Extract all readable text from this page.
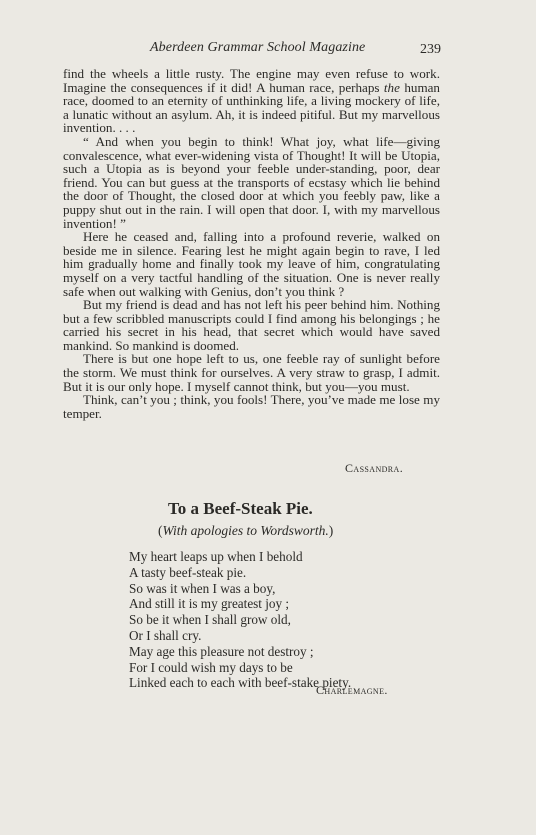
Aberdeen Grammar School Magazine	239

find the wheels a little rusty. The engine may even refuse to work. Imagine the consequences if it did! A human race, perhaps the human race, doomed to an eternity of unthinking life, a living mockery of life, a lunatic without an asylum. Ah, it is indeed pitiful. But my marvellous invention. . . .

“ And when you begin to think! What joy, what life—giving convalescence, what ever-widening vista of Thought! It will be Utopia, such a Utopia as is beyond your feeble under-standing, poor, dear friend. You can but guess at the transports of ecstasy which lie behind the door of Thought, the closed door at which you feebly paw, like a puppy shut out in the rain. I will open that door. I, with my marvellous invention! ”

Here he ceased and, falling into a profound reverie, walked on beside me in silence. Fearing lest he might again begin to rave, I led him gradually home and finally took my leave of him, congratulating myself on a very tactful handling of the situation. One is never really safe when out walking with Genius, don’t you think ?

But my friend is dead and has not left his peer behind him. Nothing but a few scribbled manuscripts could I find among his belongings ; he carried his secret in his head, that secret which would have saved mankind. So mankind is doomed.

There is but one hope left to us, one feeble ray of sunlight before the storm. We must think for ourselves. A very straw to grasp, I admit. But it is our only hope. I myself cannot think, but you—you must.

Think, can’t you ; think, you fools! There, you’ve made me lose my temper.

Cassandra.
To a Beef-Steak Pie.
(With apologies to Wordsworth.)
My heart leaps up when I behold
A tasty beef-steak pie.
So was it when I was a boy,
And still it is my greatest joy ;
So be it when I shall grow old,
Or I shall cry.
May age this pleasure not destroy ;
For I could wish my days to be
Linked each to each with beef-stake piety.
Charlemagne.
